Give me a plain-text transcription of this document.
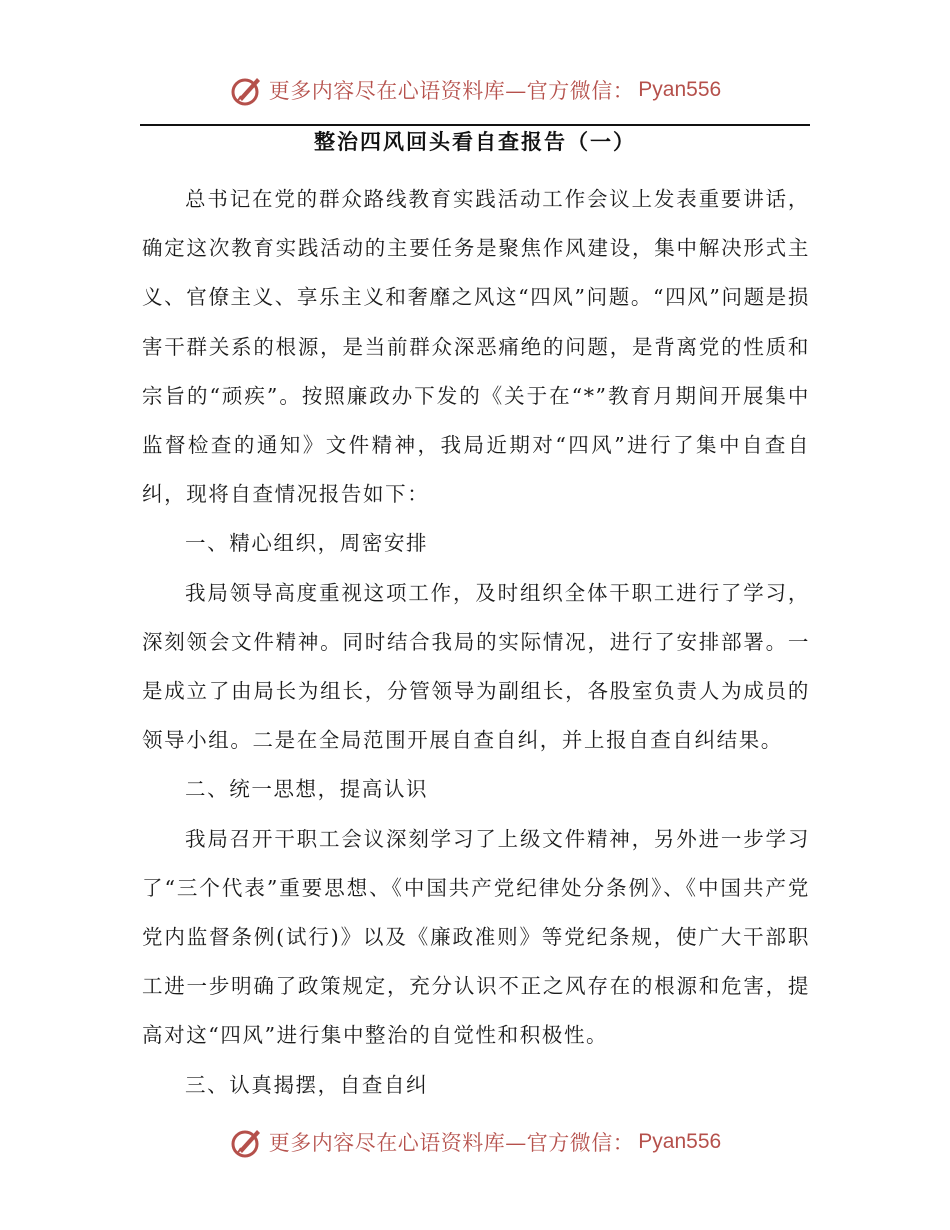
更多内容尽在心语资料库—官方微信： Pyan556
整治四风回头看自查报告（一）

总书记在党的群众路线教育实践活动工作会议上发表重要讲话，确定这次教育实践活动的主要任务是聚焦作风建设，集中解决形式主义、官僚主义、享乐主义和奢靡之风这“四风”问题。“四风”问题是损害干群关系的根源，是当前群众深恶痛绝的问题，是背离党的性质和宗旨的“顽疾”。按照廉政办下发的《关于在“*”教育月期间开展集中监督检查的通知》文件精神，我局近期对“四风”进行了集中自查自纠，现将自查情况报告如下：

一、精心组织，周密安排

我局领导高度重视这项工作，及时组织全体干职工进行了学习，深刻领会文件精神。同时结合我局的实际情况，进行了安排部署。一是成立了由局长为组长，分管领导为副组长，各股室负责人为成员的领导小组。二是在全局范围开展自查自纠，并上报自查自纠结果。

二、统一思想，提高认识

我局召开干职工会议深刻学习了上级文件精神，另外进一步学习了“三个代表”重要思想、《中国共产党纪律处分条例》、《中国共产党党内监督条例(试行)》以及《廉政准则》等党纪条规，使广大干部职工进一步明确了政策规定，充分认识不正之风存在的根源和危害，提高对这“四风”进行集中整治的自觉性和积极性。

三、认真揭摆，自查自纠

更多内容尽在心语资料库—官方微信： Pyan556
